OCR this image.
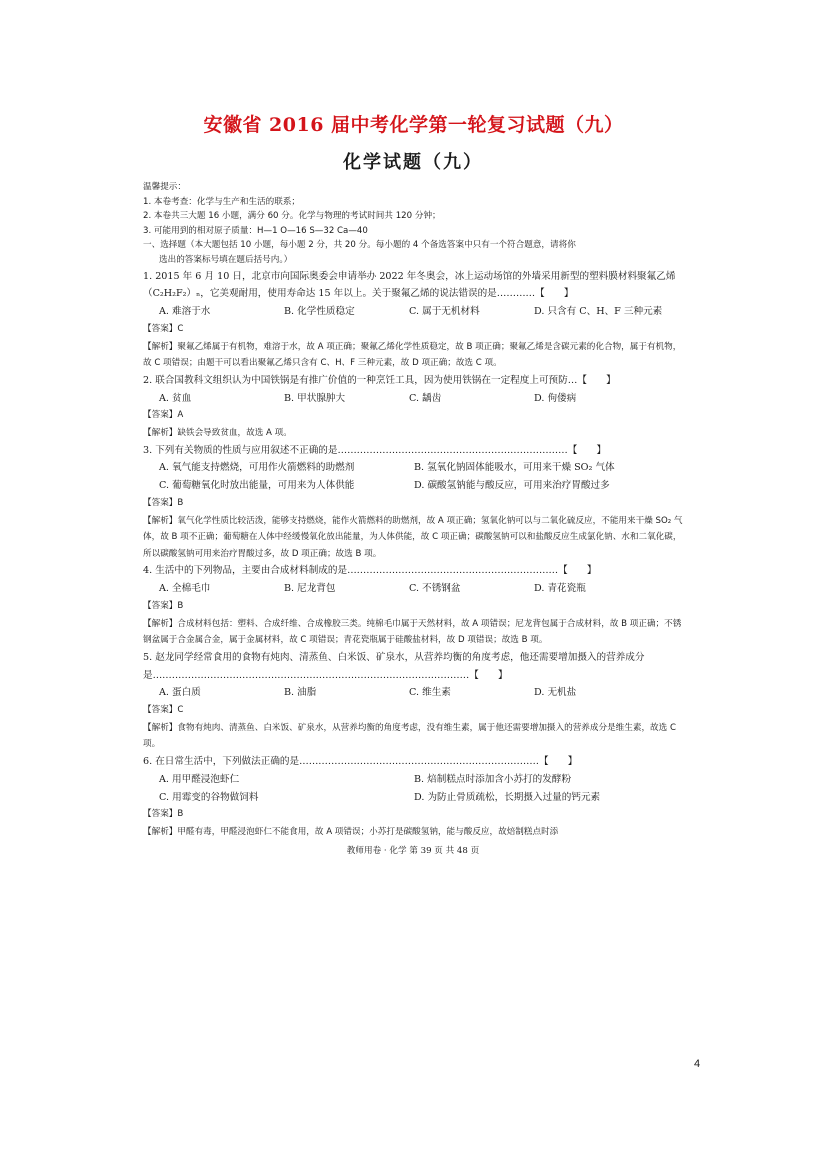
安徽省 2016 届中考化学第一轮复习试题（九）
化学试题（九）
温馨提示：
1. 本卷考查：化学与生产和生活的联系；
2. 本卷共三大题 16 小题，满分 60 分。化学与物理的考试时间共 120 分钟；
3. 可能用到的相对原子质量：H—1 O—16 S—32 Ca—40
一、选择题（本大题包括 10 小题，每小题 2 分，共 20 分。每小题的 4 个备选答案中只有一个符合题意，请将你
选出的答案标号填在题后括号内。）
1. 2015 年 6 月 10 日，北京市向国际奥委会申请举办 2022 年冬奥会，冰上运动场馆的外墙采用新型的塑料膜材料聚氟乙烯（C₂H₂F₂）ₙ，它美观耐用，使用寿命达 15 年以上。关于聚氟乙烯的说法错误的是…………【　　】
A. 难溶于水	B. 化学性质稳定	C. 属于无机材料	D. 只含有 C、H、F 三种元素
【答案】C
【解析】聚氟乙烯属于有机物，难溶于水，故 A 项正确；聚氟乙烯化学性质稳定，故 B 项正确；聚氟乙烯是含碳元素的化合物，属于有机物，故 C 项错误；由题干可以看出聚氟乙烯只含有 C、H、F 三种元素，故 D 项正确；故选 C 项。
2. 联合国教科文组织认为中国铁锅是有推广价值的一种烹饪工具，因为使用铁锅在一定程度上可预防…【　　】
A. 贫血	B. 甲状腺肿大	C. 龋齿	D. 佝偻病
【答案】A
【解析】缺铁会导致贫血，故选 A 项。
3. 下列有关物质的性质与应用叙述不正确的是………………………………………………………………【　　】
A. 氧气能支持燃烧，可用作火箭燃料的助燃剂	B. 氢氧化钠固体能吸水，可用来干燥 SO₂ 气体
C. 葡萄糖氧化时放出能量，可用来为人体供能	D. 碳酸氢钠能与酸反应，可用来治疗胃酸过多
【答案】B
【解析】氧气化学性质比较活泼，能够支持燃烧，能作火箭燃料的助燃剂，故 A 项正确；氢氧化钠可以与二氧化硫反应，不能用来干燥 SO₂ 气体，故 B 项不正确；葡萄糖在人体中经缓慢氧化放出能量，为人体供能，故 C 项正确；碳酸氢钠可以和盐酸反应生成氯化钠、水和二氧化碳，所以碳酸氢钠可用来治疗胃酸过多，故 D 项正确；故选 B 项。
4. 生活中的下列物品，主要由合成材料制成的是…………………………………………………………【　　】
A. 全棉毛巾	B. 尼龙背包	C. 不锈钢盆	D. 青花瓷瓶
【答案】B
【解析】合成材料包括：塑料、合成纤维、合成橡胶三类。纯棉毛巾属于天然材料，故 A 项错误；尼龙背包属于合成材料，故 B 项正确；不锈钢盆属于合金属合金，属于金属材料，故 C 项错误；青花瓷瓶属于硅酸盐材料，故 D 项错误；故选 B 项。
5. 赵龙同学经常食用的食物有炖肉、清蒸鱼、白米饭、矿泉水，从营养均衡的角度考虑，他还需要增加摄入的营养成分是………………………………………………………………………………………【　　】
A. 蛋白质	B. 油脂	C. 维生素	D. 无机盐
【答案】C
【解析】食物有炖肉、清蒸鱼、白米饭、矿泉水，从营养均衡的角度考虑，没有维生素，属于他还需要增加摄入的营养成分是维生素，故选 C 项。
6. 在日常生活中，下列做法正确的是…………………………………………………………………【　　】
A. 用甲醛浸泡虾仁	B. 焙制糕点时添加含小苏打的发酵粉
C. 用霉变的谷物做饲料	D. 为防止骨质疏松，长期摄入过量的钙元素
【答案】B
【解析】甲醛有毒，甲醛浸泡虾仁不能食用，故 A 项错误；小苏打是碳酸氢钠，能与酸反应，故焙制糕点时添
教师用卷 · 化学 第 39 页 共 48 页
4
